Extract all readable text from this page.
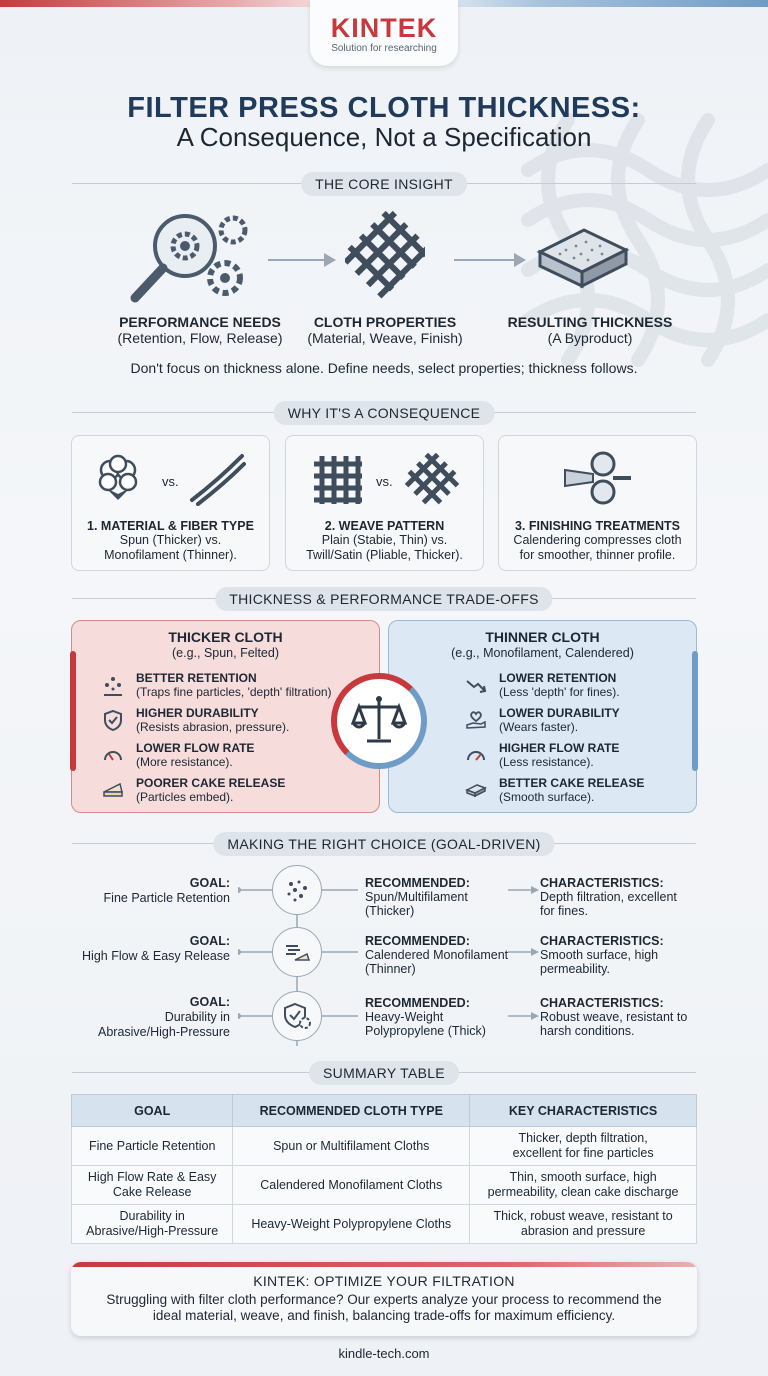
KINTEK
Solution for researching
FILTER PRESS CLOTH THICKNESS:
A Consequence, Not a Specification
THE CORE INSIGHT
PERFORMANCE NEEDS
(Retention, Flow, Release)
CLOTH PROPERTIES
(Material, Weave, Finish)
RESULTING THICKNESS
(A Byproduct)
Don't focus on thickness alone. Define needs, select properties; thickness follows.
WHY IT'S A CONSEQUENCE
vs.
1. MATERIAL & FIBER TYPE
Spun (Thicker) vs.
Monofilament (Thinner).
vs.
2. WEAVE PATTERN
Plain (Stabie, Thin) vs.
Twill/Satin (Pliable, Thicker).
3. FINISHING TREATMENTS
Calendering compresses cloth
for smoother, thinner profile.
THICKNESS & PERFORMANCE TRADE-OFFS
THICKER CLOTH
(e.g., Spun, Felted)
BETTER RETENTION
(Traps fine particles, 'depth' filtration)
HIGHER DURABILITY
(Resists abrasion, pressure).
LOWER FLOW RATE
(More resistance).
POORER CAKE RELEASE
(Particles embed).
THINNER CLOTH
(e.g., Monofilament, Calendered)
LOWER RETENTION
(Less 'depth' for fines).
LOWER DURABILITY
(Wears faster).
HIGHER FLOW RATE
(Less resistance).
BETTER CAKE RELEASE
(Smooth surface).
MAKING THE RIGHT CHOICE (GOAL-DRIVEN)
GOAL:
Fine Particle Retention
RECOMMENDED:
Spun/Multifilament
(Thicker)
CHARACTERISTICS:
Depth filtration, excellent
for fines.
GOAL:
High Flow & Easy Release
RECOMMENDED:
Calendered Monofilament
(Thinner)
CHARACTERISTICS:
Smooth surface, high
permeability.
GOAL:
Durability in
Abrasive/High-Pressure
RECOMMENDED:
Heavy-Weight
Polypropylene (Thick)
CHARACTERISTICS:
Robust weave, resistant to
harsh conditions.
SUMMARY TABLE
GOAL	RECOMMENDED CLOTH TYPE	KEY CHARACTERISTICS
Fine Particle Retention	Spun or Multifilament Cloths	Thicker, depth filtration,
excellent for fine particles
High Flow Rate & Easy
Cake Release	Calendered Monofilament Cloths	Thin, smooth surface, high
permeability, clean cake discharge
Durability in
Abrasive/High-Pressure	Heavy-Weight Polypropylene Cloths	Thick, robust weave, resistant to
abrasion and pressure
KINTEK: OPTIMIZE YOUR FILTRATION
Struggling with filter cloth performance? Our experts analyze your process to recommend the
ideal material, weave, and finish, balancing trade-offs for maximum efficiency.
kindle-tech.com
